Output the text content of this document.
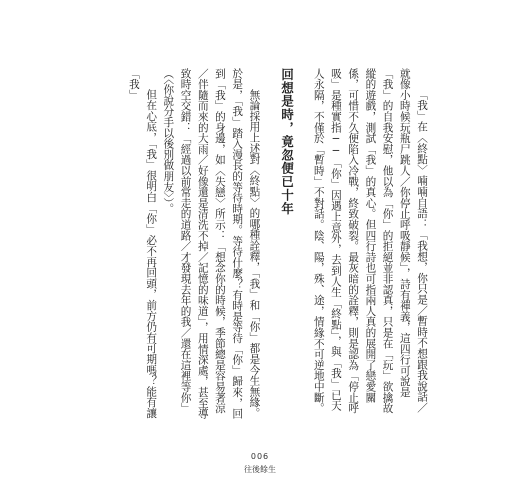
「我」在〈終點〉喃喃自語：「我想，你只是／暫時不想跟我說話／就像小時候玩瓶尸跳人／你停止呼吸靜候」，詩有禪義，這四行可說是「我」的自我安慰，他以為「你」的拒絕並非認真，只是在「玩」欲擒故縱的遊戲，測試「我」的真心。但四行詩也可指兩人真的展開了戀愛關係，可惜不久便陷入冷戰，終致破裂。最灰暗的詮釋，則是認為「停止呼吸」是種實指──「你」因遇上意外，去到人生「終點」，與「我」已天人永隔，不僅於「暫時」不對話。陰、陽，殊、途，情緣不可逆地中斷。

回想是時，竟忽便已十年

無論採用上述對〈終點〉的哪種詮釋，「我」和「你」都是今生無緣。於是，「我」踏入漫長的等待時期。等待什麼？有時是等待「你」歸來，回到「我」的身邊，如〈失戀〉所示：「想念你的時候，季節總是容易著涼／伴隨而來的大雨／好像還是清洗不掉／記憶的味道」，用情深處，甚至導致時空交錯：「經過以前常走的道路／才發現去年的我／還在這裡等你」（〈你說分手以後別做朋友〉）。

但在心底，「我」很明白「你」必不再回頭，前方仍有可期嗎？能有讓「我」

006
往後餘生
